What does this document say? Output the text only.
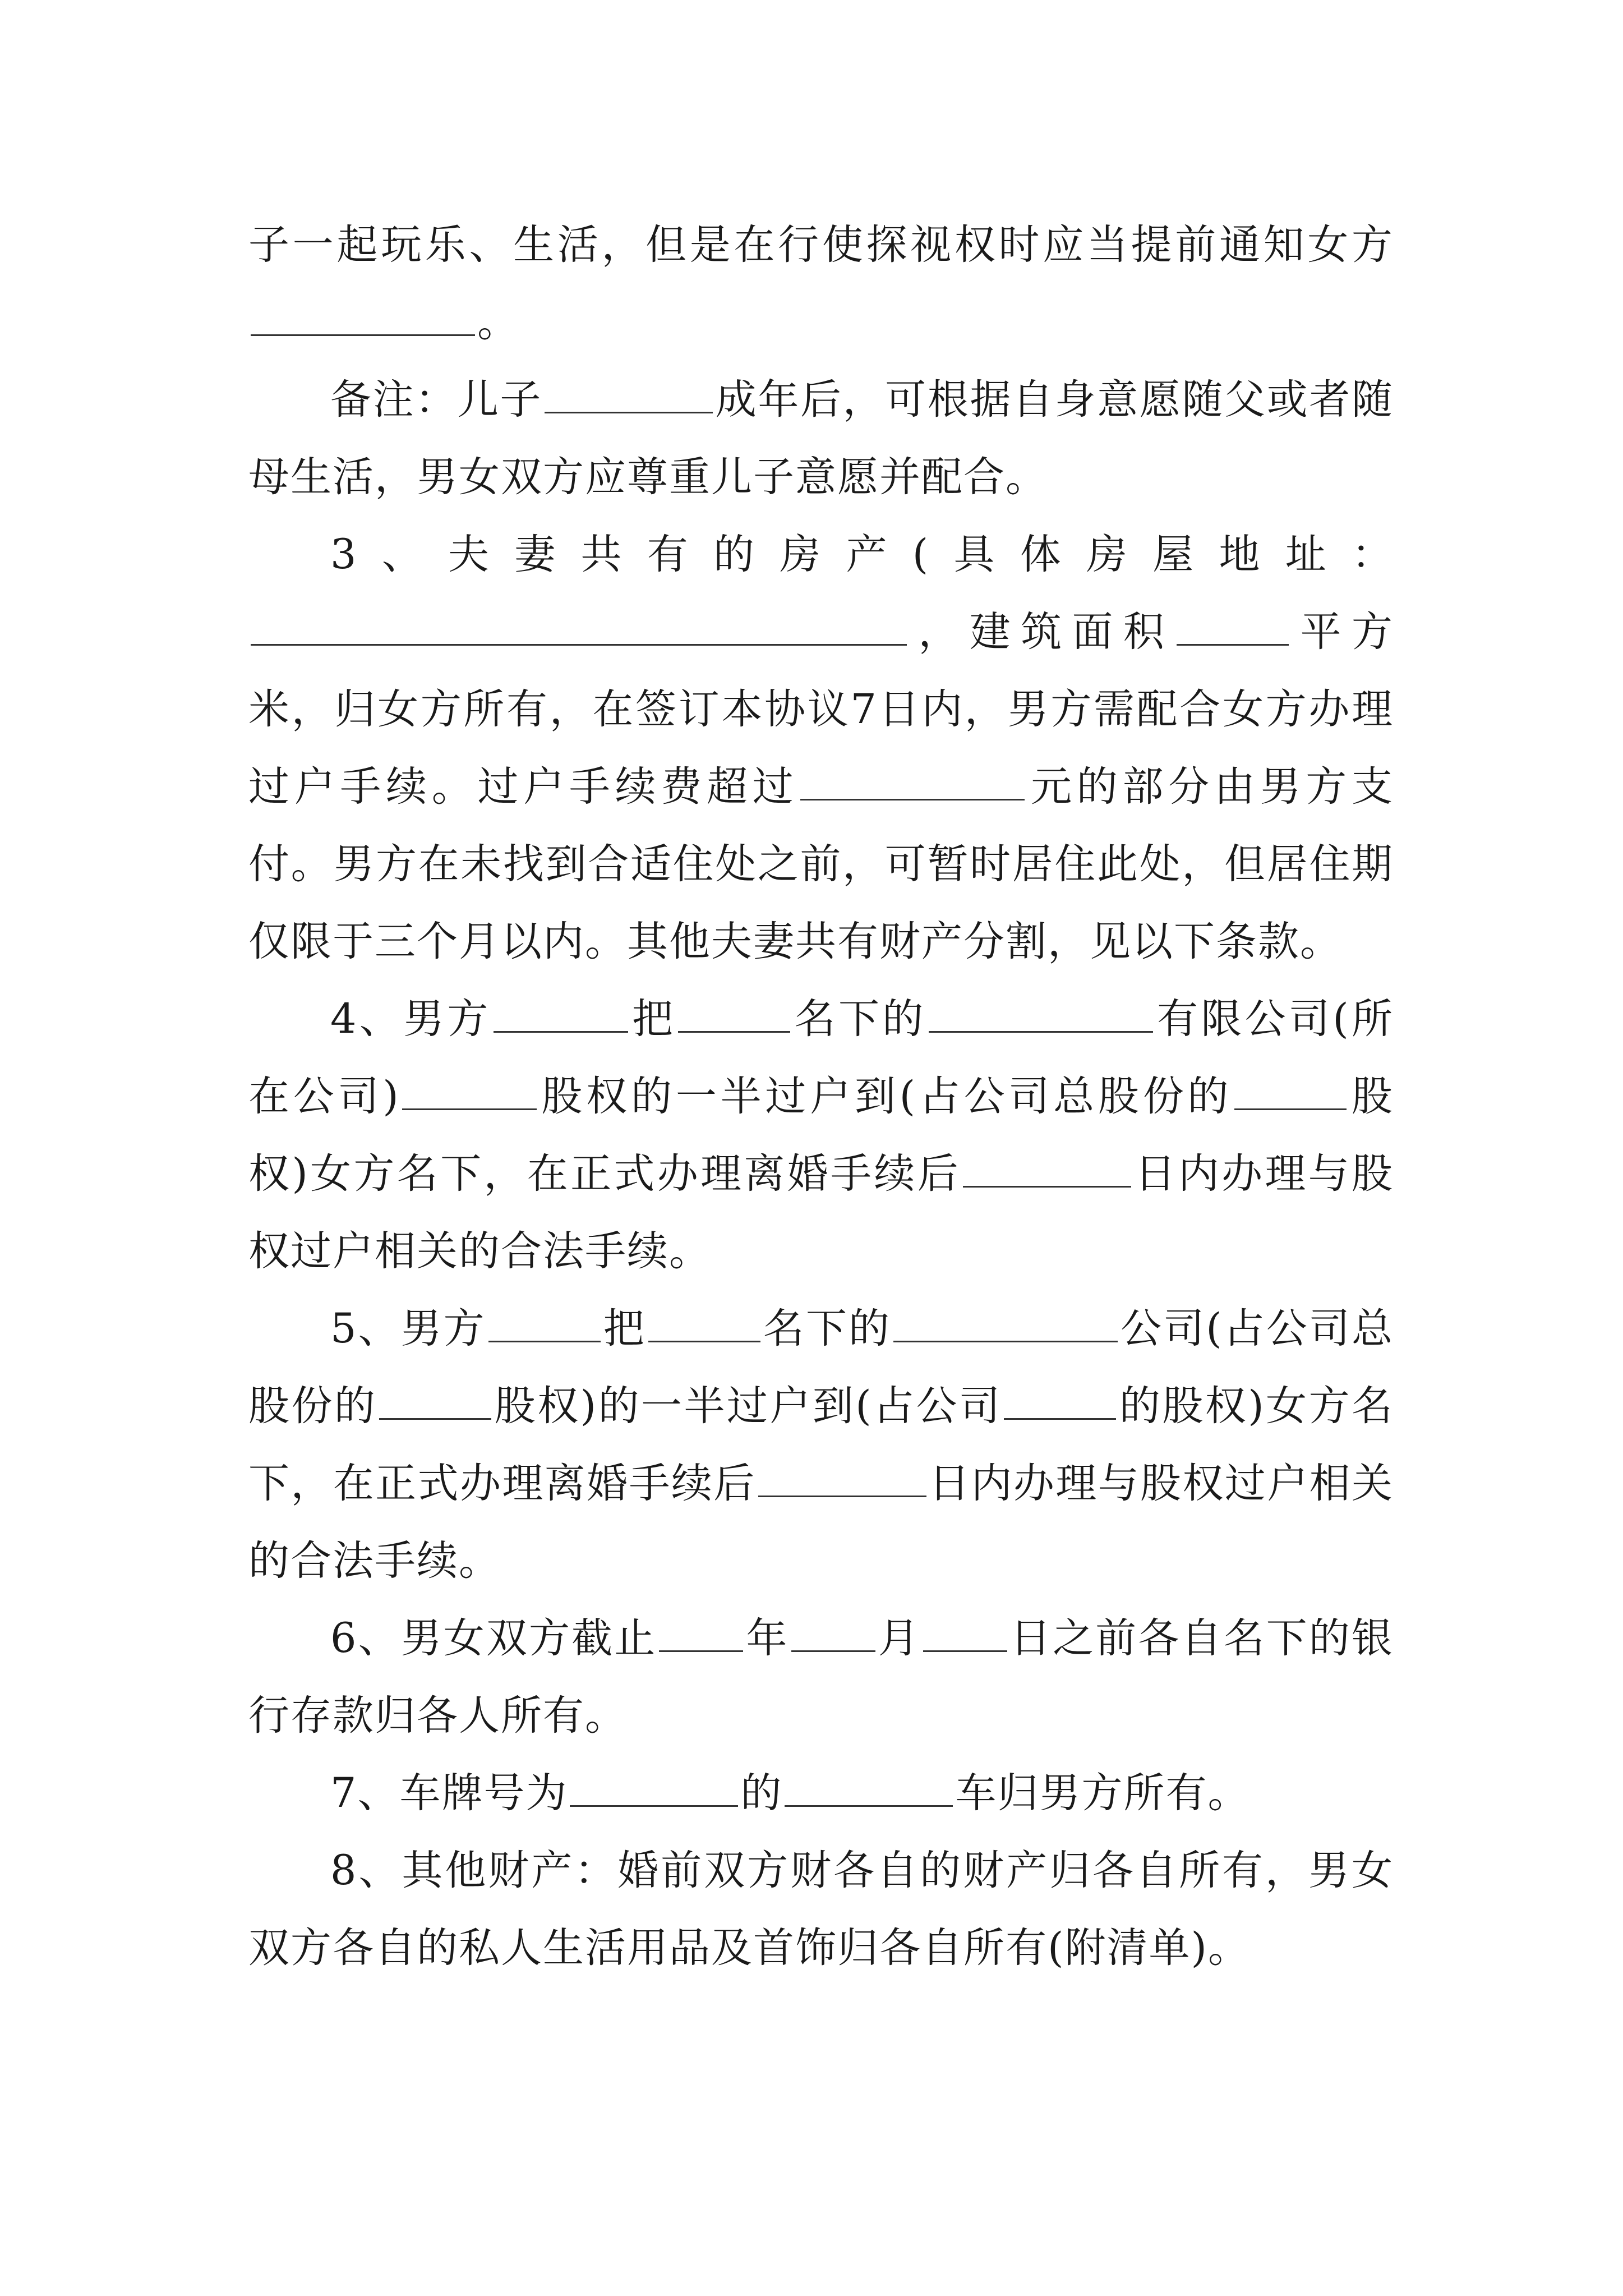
子一起玩乐、生活，但是在行使探视权时应当提前通知女方。

备注：儿子	成年后，可根据自身意愿随父或者随母生活，男女双方应尊重儿子意愿并配合。

3、夫妻共有的房产(具体房屋地址：，建筑面积	平方米，归女方所有，在签订本协议7日内，男方需配合女方办理过户手续。过户手续费超过	元的部分由男方支付。男方在未找到合适住处之前，可暂时居住此处，但居住期仅限于三个月以内。其他夫妻共有财产分割，见以下条款。

4、男方	把	名下的	有限公司(所在公司)	股权的一半过户到(占公司总股份的	股权)女方名下，在正式办理离婚手续后	日内办理与股权过户相关的合法手续。

5、男方	把	名下的	公司(占公司总股份的	股权)的一半过户到(占公司	的股权)女方名下，在正式办理离婚手续后	日内办理与股权过户相关的合法手续。

6、男女双方截止 年 月 日之前各自名下的银行存款归各人所有。

7、车牌号为	的	车归男方所有。

8、其他财产：婚前双方财各自的财产归各自所有，男女双方各自的私人生活用品及首饰归各自所有(附清单)。
